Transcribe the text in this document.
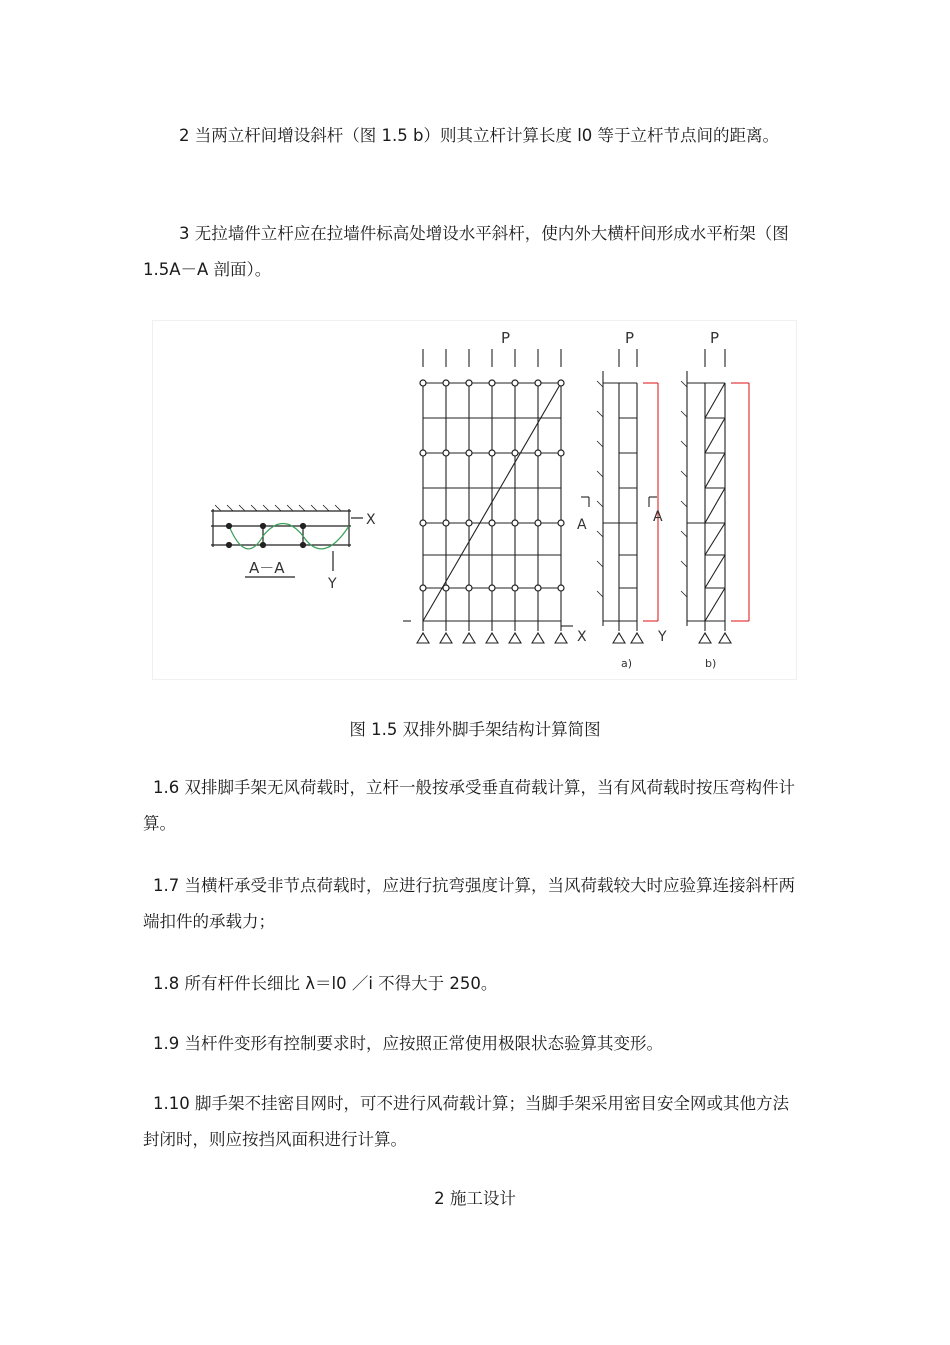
2 当两立杆间增设斜杆（图 1.5 b）则其立杆计算长度 l0 等于立杆节点间的距离。

3 无拉墙件立杆应在拉墙件标高处增设水平斜杆，使内外大横杆间形成水平桁架（图 1.5A－A 剖面）。

X
Y
A－A
P
X
P
A	A
Y
a)
P
b)

图 1.5 双排外脚手架结构计算简图

1.6 双排脚手架无风荷载时，立杆一般按承受垂直荷载计算，当有风荷载时按压弯构件计算。

1.7 当横杆承受非节点荷载时，应进行抗弯强度计算，当风荷载较大时应验算连接斜杆两端扣件的承载力；

1.8 所有杆件长细比 λ＝l0 ／i 不得大于 250。

1.9 当杆件变形有控制要求时，应按照正常使用极限状态验算其变形。

1.10 脚手架不挂密目网时，可不进行风荷载计算；当脚手架采用密目安全网或其他方法封闭时，则应按挡风面积进行计算。

2 施工设计
